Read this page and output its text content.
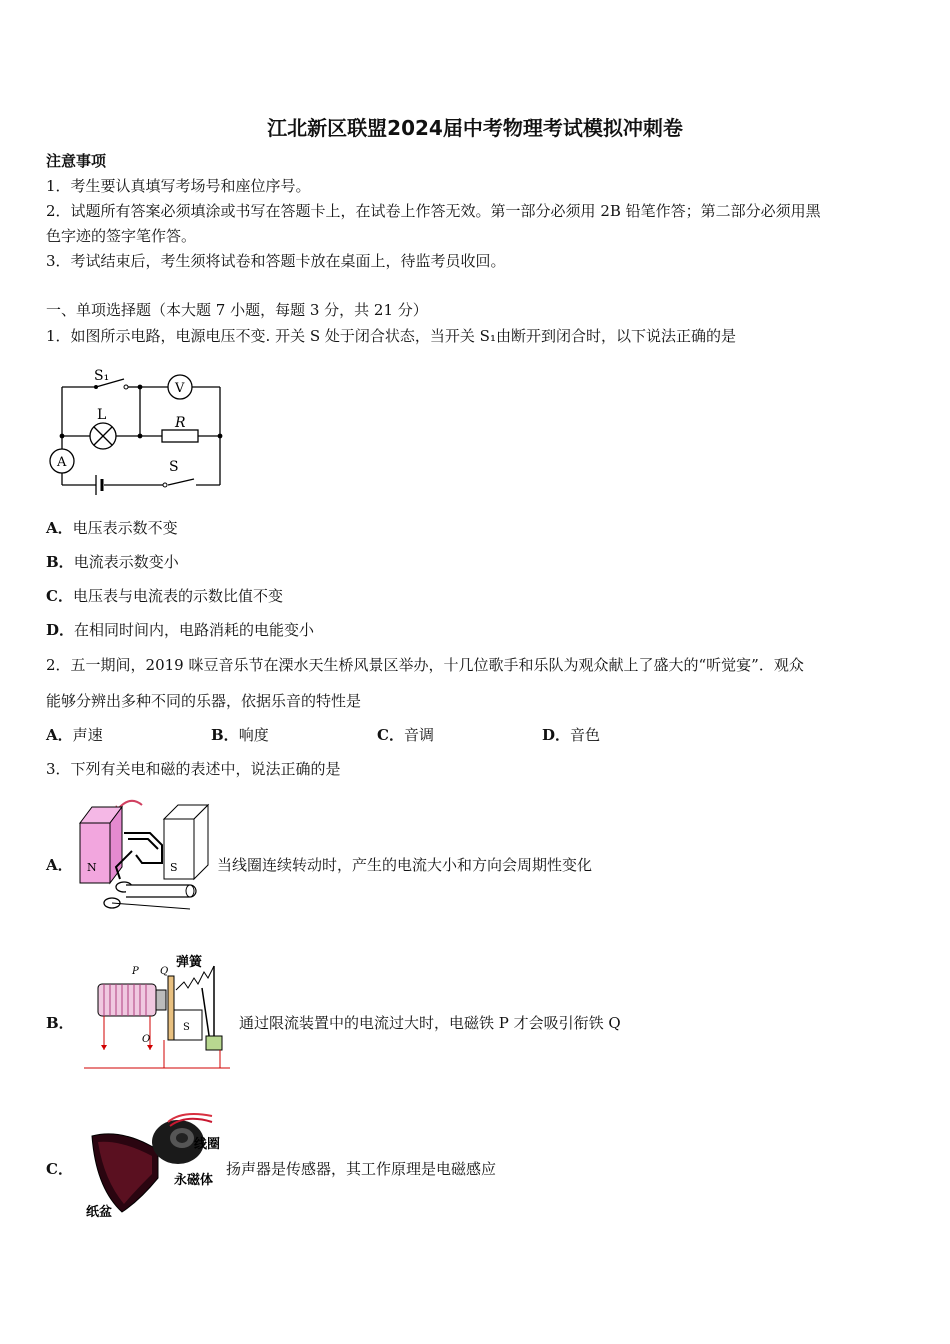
江北新区联盟2024届中考物理考试模拟冲刺卷
注意事项
1．考生要认真填写考场号和座位序号。
2．试题所有答案必须填涂或书写在答题卡上，在试卷上作答无效。第一部分必须用 2B 铅笔作答；第二部分必须用黑
色字迹的签字笔作答。
3．考试结束后，考生须将试卷和答题卡放在桌面上，待监考员收回。
一、单项选择题（本大题 7 小题，每题 3 分，共 21 分）
1．如图所示电路，电源电压不变. 开关 S 处于闭合状态，当开关 S₁由断开到闭合时，以下说法正确的是
S₁
V
L	R
A	S
A．电压表示数不变
B．电流表示数变小
C．电压表与电流表的示数比值不变
D．在相同时间内，电路消耗的电能变小
2．五一期间，2019 咪豆音乐节在溧水天生桥风景区举办，十几位歌手和乐队为观众献上了盛大的“听觉宴”．观众
能够分辨出多种不同的乐器，依据乐音的特性是
A．声速	B．响度	C．音调	D．音色
3．下列有关电和磁的表述中，说法正确的是
A． N	S	当线圈连续转动时，产生的电流大小和方向会周期性变化
B．	S
P Q
弹簧
O
通过限流装置中的电流过大时，电磁铁 P 才会吸引衔铁 Q
C．
线圈
永磁体
纸盆
扬声器是传感器，其工作原理是电磁感应
